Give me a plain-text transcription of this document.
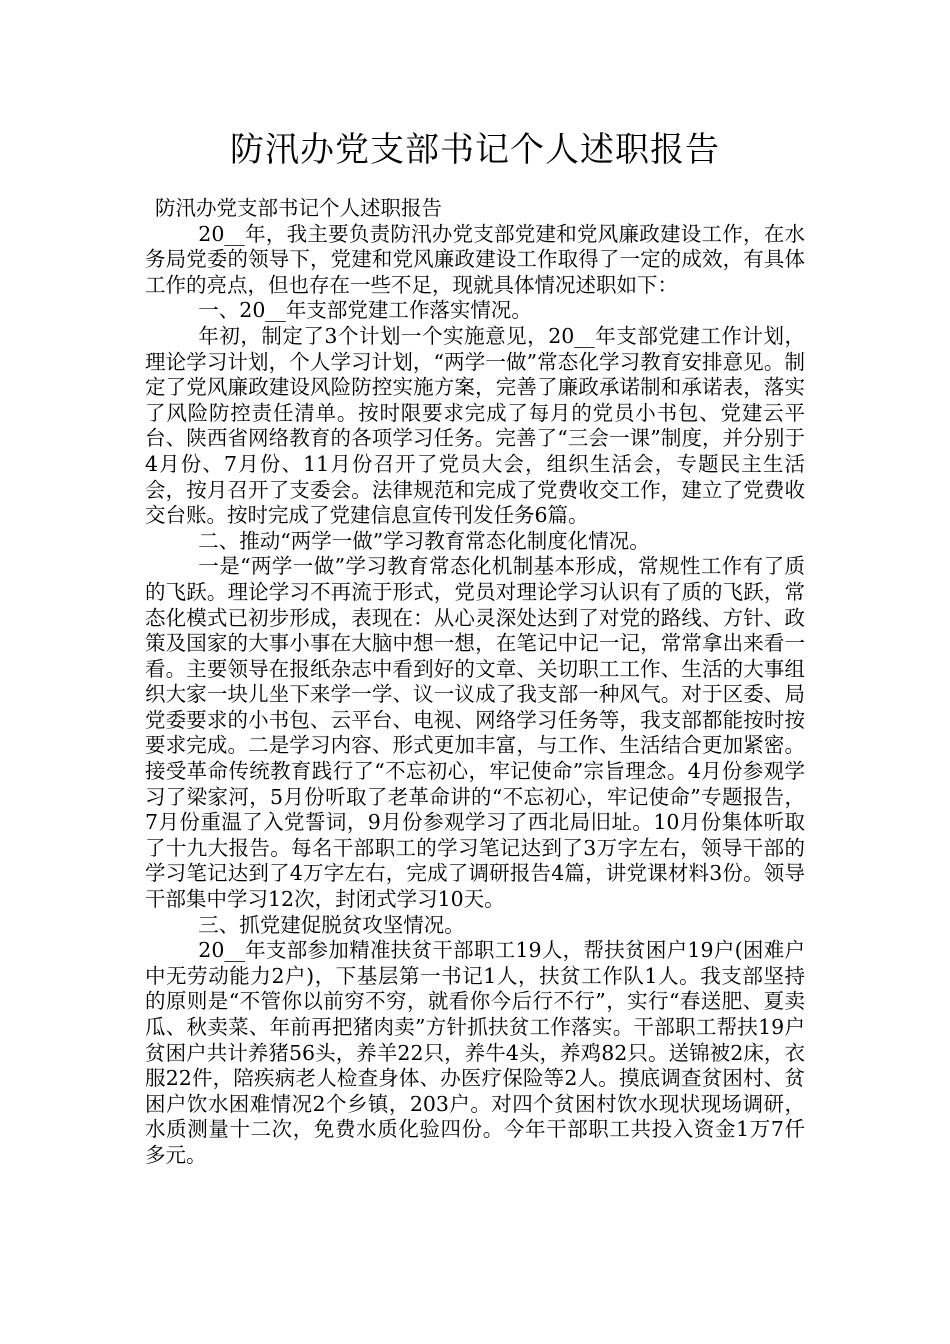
防汛办党支部书记个人述职报告

防汛办党支部书记个人述职报告

20__年，我主要负责防汛办党支部党建和党风廉政建设工作，在水务局党委的领导下，党建和党风廉政建设工作取得了一定的成效，有具体工作的亮点，但也存在一些不足，现就具体情况述职如下：

一、20__年支部党建工作落实情况。

年初，制定了3个计划一个实施意见，20__年支部党建工作计划，理论学习计划，个人学习计划，“两学一做”常态化学习教育安排意见。制定了党风廉政建设风险防控实施方案，完善了廉政承诺制和承诺表，落实了风险防控责任清单。按时限要求完成了每月的党员小书包、党建云平台、陕西省网络教育的各项学习任务。完善了“三会一课”制度，并分别于4月份、7月份、11月份召开了党员大会，组织生活会，专题民主生活会，按月召开了支委会。法律规范和完成了党费收交工作，建立了党费收交台账。按时完成了党建信息宣传刊发任务6篇。

二、推动“两学一做”学习教育常态化制度化情况。

一是“两学一做”学习教育常态化机制基本形成，常规性工作有了质的飞跃。理论学习不再流于形式，党员对理论学习认识有了质的飞跃，常态化模式已初步形成，表现在：从心灵深处达到了对党的路线、方针、政策及国家的大事小事在大脑中想一想，在笔记中记一记，常常拿出来看一看。主要领导在报纸杂志中看到好的文章、关切职工工作、生活的大事组织大家一块儿坐下来学一学、议一议成了我支部一种风气。对于区委、局党委要求的小书包、云平台、电视、网络学习任务等，我支部都能按时按要求完成。二是学习内容、形式更加丰富，与工作、生活结合更加紧密。接受革命传统教育践行了“不忘初心，牢记使命”宗旨理念。4月份参观学习了梁家河，5月份听取了老革命讲的“不忘初心，牢记使命”专题报告，7月份重温了入党誓词，9月份参观学习了西北局旧址。10月份集体听取了十九大报告。每名干部职工的学习笔记达到了3万字左右，领导干部的学习笔记达到了4万字左右，完成了调研报告4篇，讲党课材料3份。领导干部集中学习12次，封闭式学习10天。

三、抓党建促脱贫攻坚情况。

20__年支部参加精准扶贫干部职工19人，帮扶贫困户19户(困难户中无劳动能力2户)，下基层第一书记1人，扶贫工作队1人。我支部坚持的原则是“不管你以前穷不穷，就看你今后行不行”，实行“春送肥、夏卖瓜、秋卖菜、年前再把猪肉卖”方针抓扶贫工作落实。干部职工帮扶19户贫困户共计养猪56头，养羊22只，养牛4头，养鸡82只。送锦被2床，衣服22件，陪疾病老人检查身体、办医疗保险等2人。摸底调查贫困村、贫困户饮水困难情况2个乡镇，203户。对四个贫困村饮水现状现场调研，水质测量十二次，免费水质化验四份。今年干部职工共投入资金1万7仟多元。
